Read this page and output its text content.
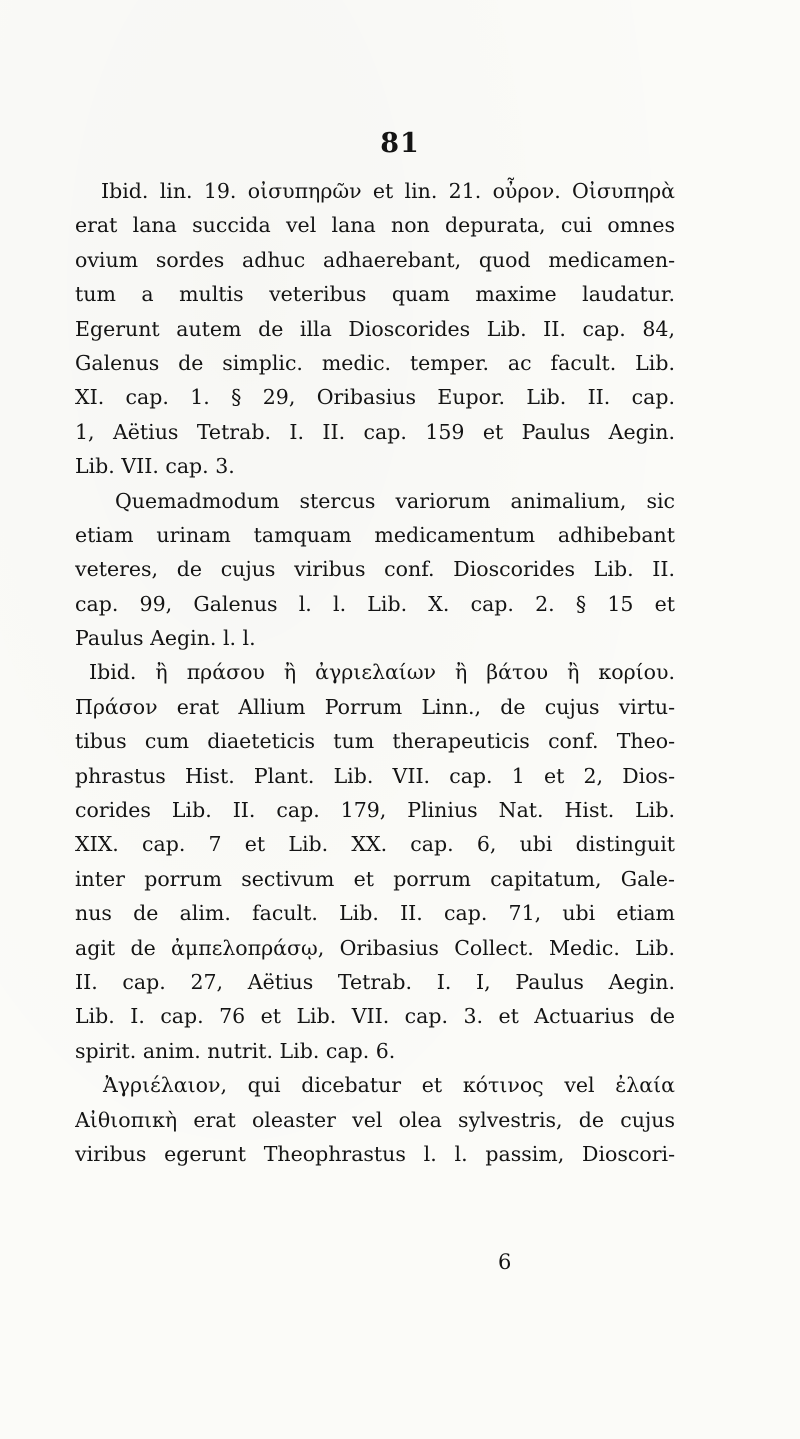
81
Ibid. lin. 19. οἰσυπηρῶν et lin. 21. οὖρον. Οἰσυπηρὰ
erat lana succida vel lana non depurata, cui omnes
ovium sordes adhuc adhaerebant, quod medicamen-
tum a multis veteribus quam maxime laudatur.
Egerunt autem de illa Dioscorides Lib. II. cap. 84,
Galenus de simplic. medic. temper. ac facult. Lib.
XI. cap. 1. § 29, Oribasius Eupor. Lib. II. cap.
1, Aëtius Tetrab. I. II. cap. 159 et Paulus Aegin.
Lib. VII. cap. 3.
Quemadmodum stercus variorum animalium, sic
etiam urinam tamquam medicamentum adhibebant
veteres, de cujus viribus conf. Dioscorides Lib. II.
cap. 99, Galenus l. l. Lib. X. cap. 2. § 15 et
Paulus Aegin. l. l.
Ibid. ἢ πράσου ἢ ἀγριελαίων ἢ βάτου ἢ κορίου.
Πράσον erat Allium Porrum Linn., de cujus virtu-
tibus cum diaeteticis tum therapeuticis conf. Theo-
phrastus Hist. Plant. Lib. VII. cap. 1 et 2, Dios-
corides Lib. II. cap. 179, Plinius Nat. Hist. Lib.
XIX. cap. 7 et Lib. XX. cap. 6, ubi distinguit
inter porrum sectivum et porrum capitatum, Gale-
nus de alim. facult. Lib. II. cap. 71, ubi etiam
agit de ἀμπελοπράσῳ, Oribasius Collect. Medic. Lib.
II. cap. 27, Aëtius Tetrab. I. I, Paulus Aegin.
Lib. I. cap. 76 et Lib. VII. cap. 3. et Actuarius de
spirit. anim. nutrit. Lib. cap. 6.
Ἀγριέλαιον, qui dicebatur et κότινος vel ἐλαία
Αἰθιοπικὴ erat oleaster vel olea sylvestris, de cujus
viribus egerunt Theophrastus l. l. passim, Dioscori-
6
